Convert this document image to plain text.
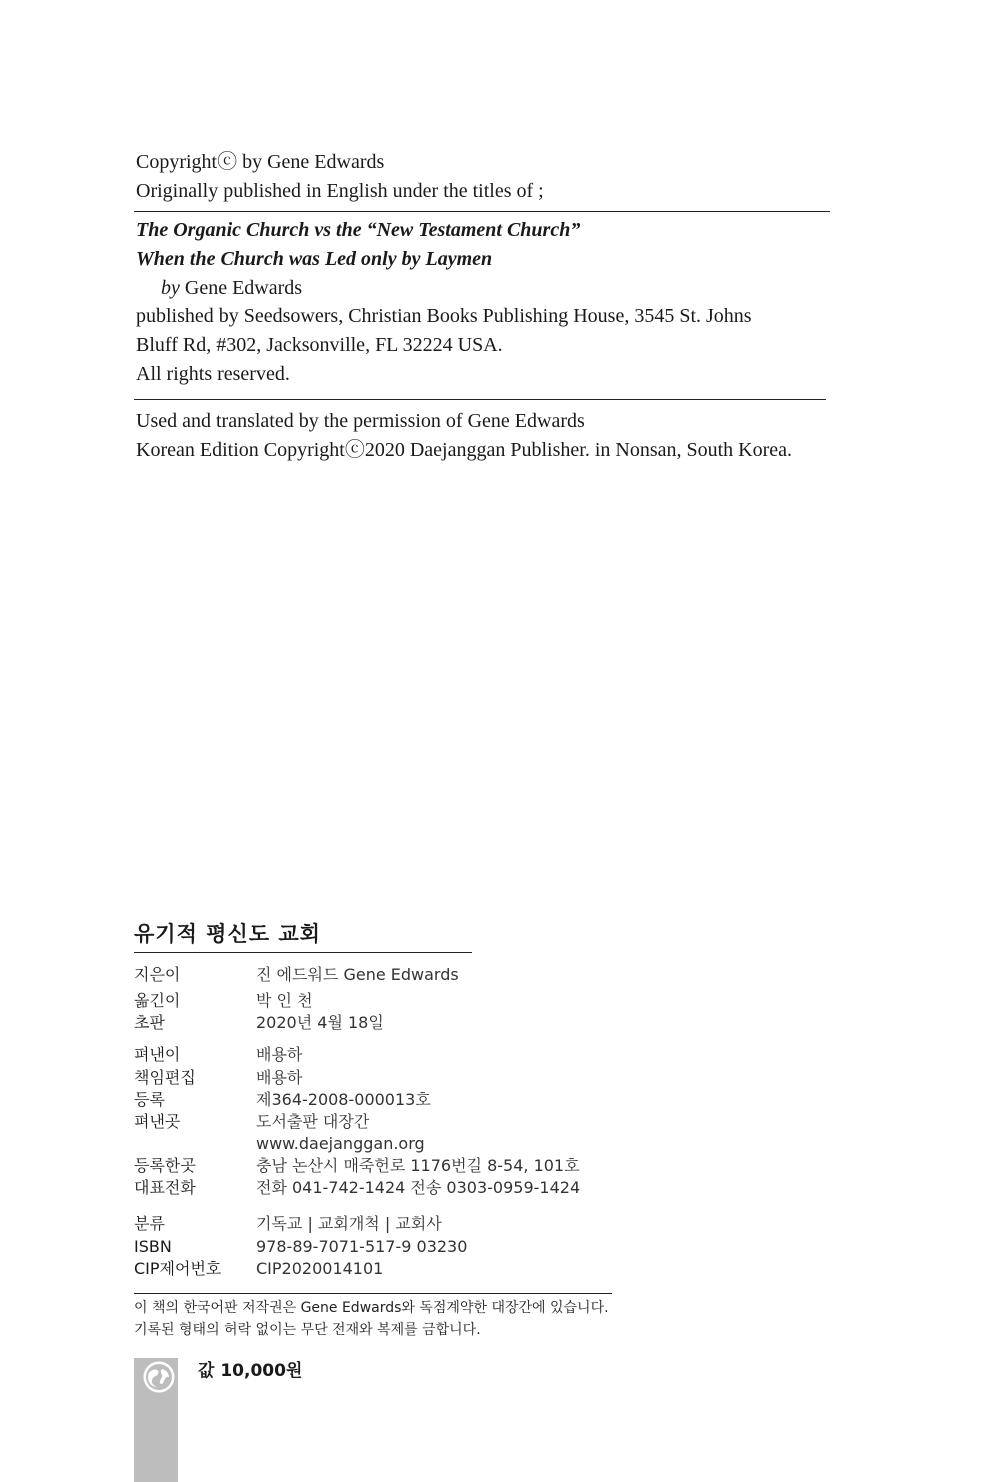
Copyrightⓒ by Gene Edwards
Originally published in English under the titles of ;
The Organic Church vs the “New Testament Church”
When the Church was Led only by Laymen
by Gene Edwards
published by Seedsowers, Christian Books Publishing House, 3545 St. Johns
Bluff Rd, #302, Jacksonville, FL 32224 USA.
All rights reserved.
Used and translated by the permission of Gene Edwards
Korean Edition Copyrightⓒ2020 Daejanggan Publisher. in Nonsan, South Korea.
유기적 평신도 교회
지은이	진 에드워드 Gene Edwards
옮긴이	박 인 천
초판	2020년 4월 18일
펴낸이	배용하
책임편집	배용하
등록	제364-2008-000013호
펴낸곳	도서출판 대장간
www.daejanggan.org
등록한곳	충남 논산시 매죽헌로 1176번길 8-54, 101호
대표전화	전화 041-742-1424 전송 0303-0959-1424
분류	기독교 | 교회개척 | 교회사
ISBN	978-89-7071-517-9 03230
CIP제어번호 CIP2020014101
이 책의 한국어판 저작권은 Gene Edwards와 독점계약한 대장간에 있습니다.
기록된 형태의 허락 없이는 무단 전재와 복제를 금합니다.
값 10,000원
